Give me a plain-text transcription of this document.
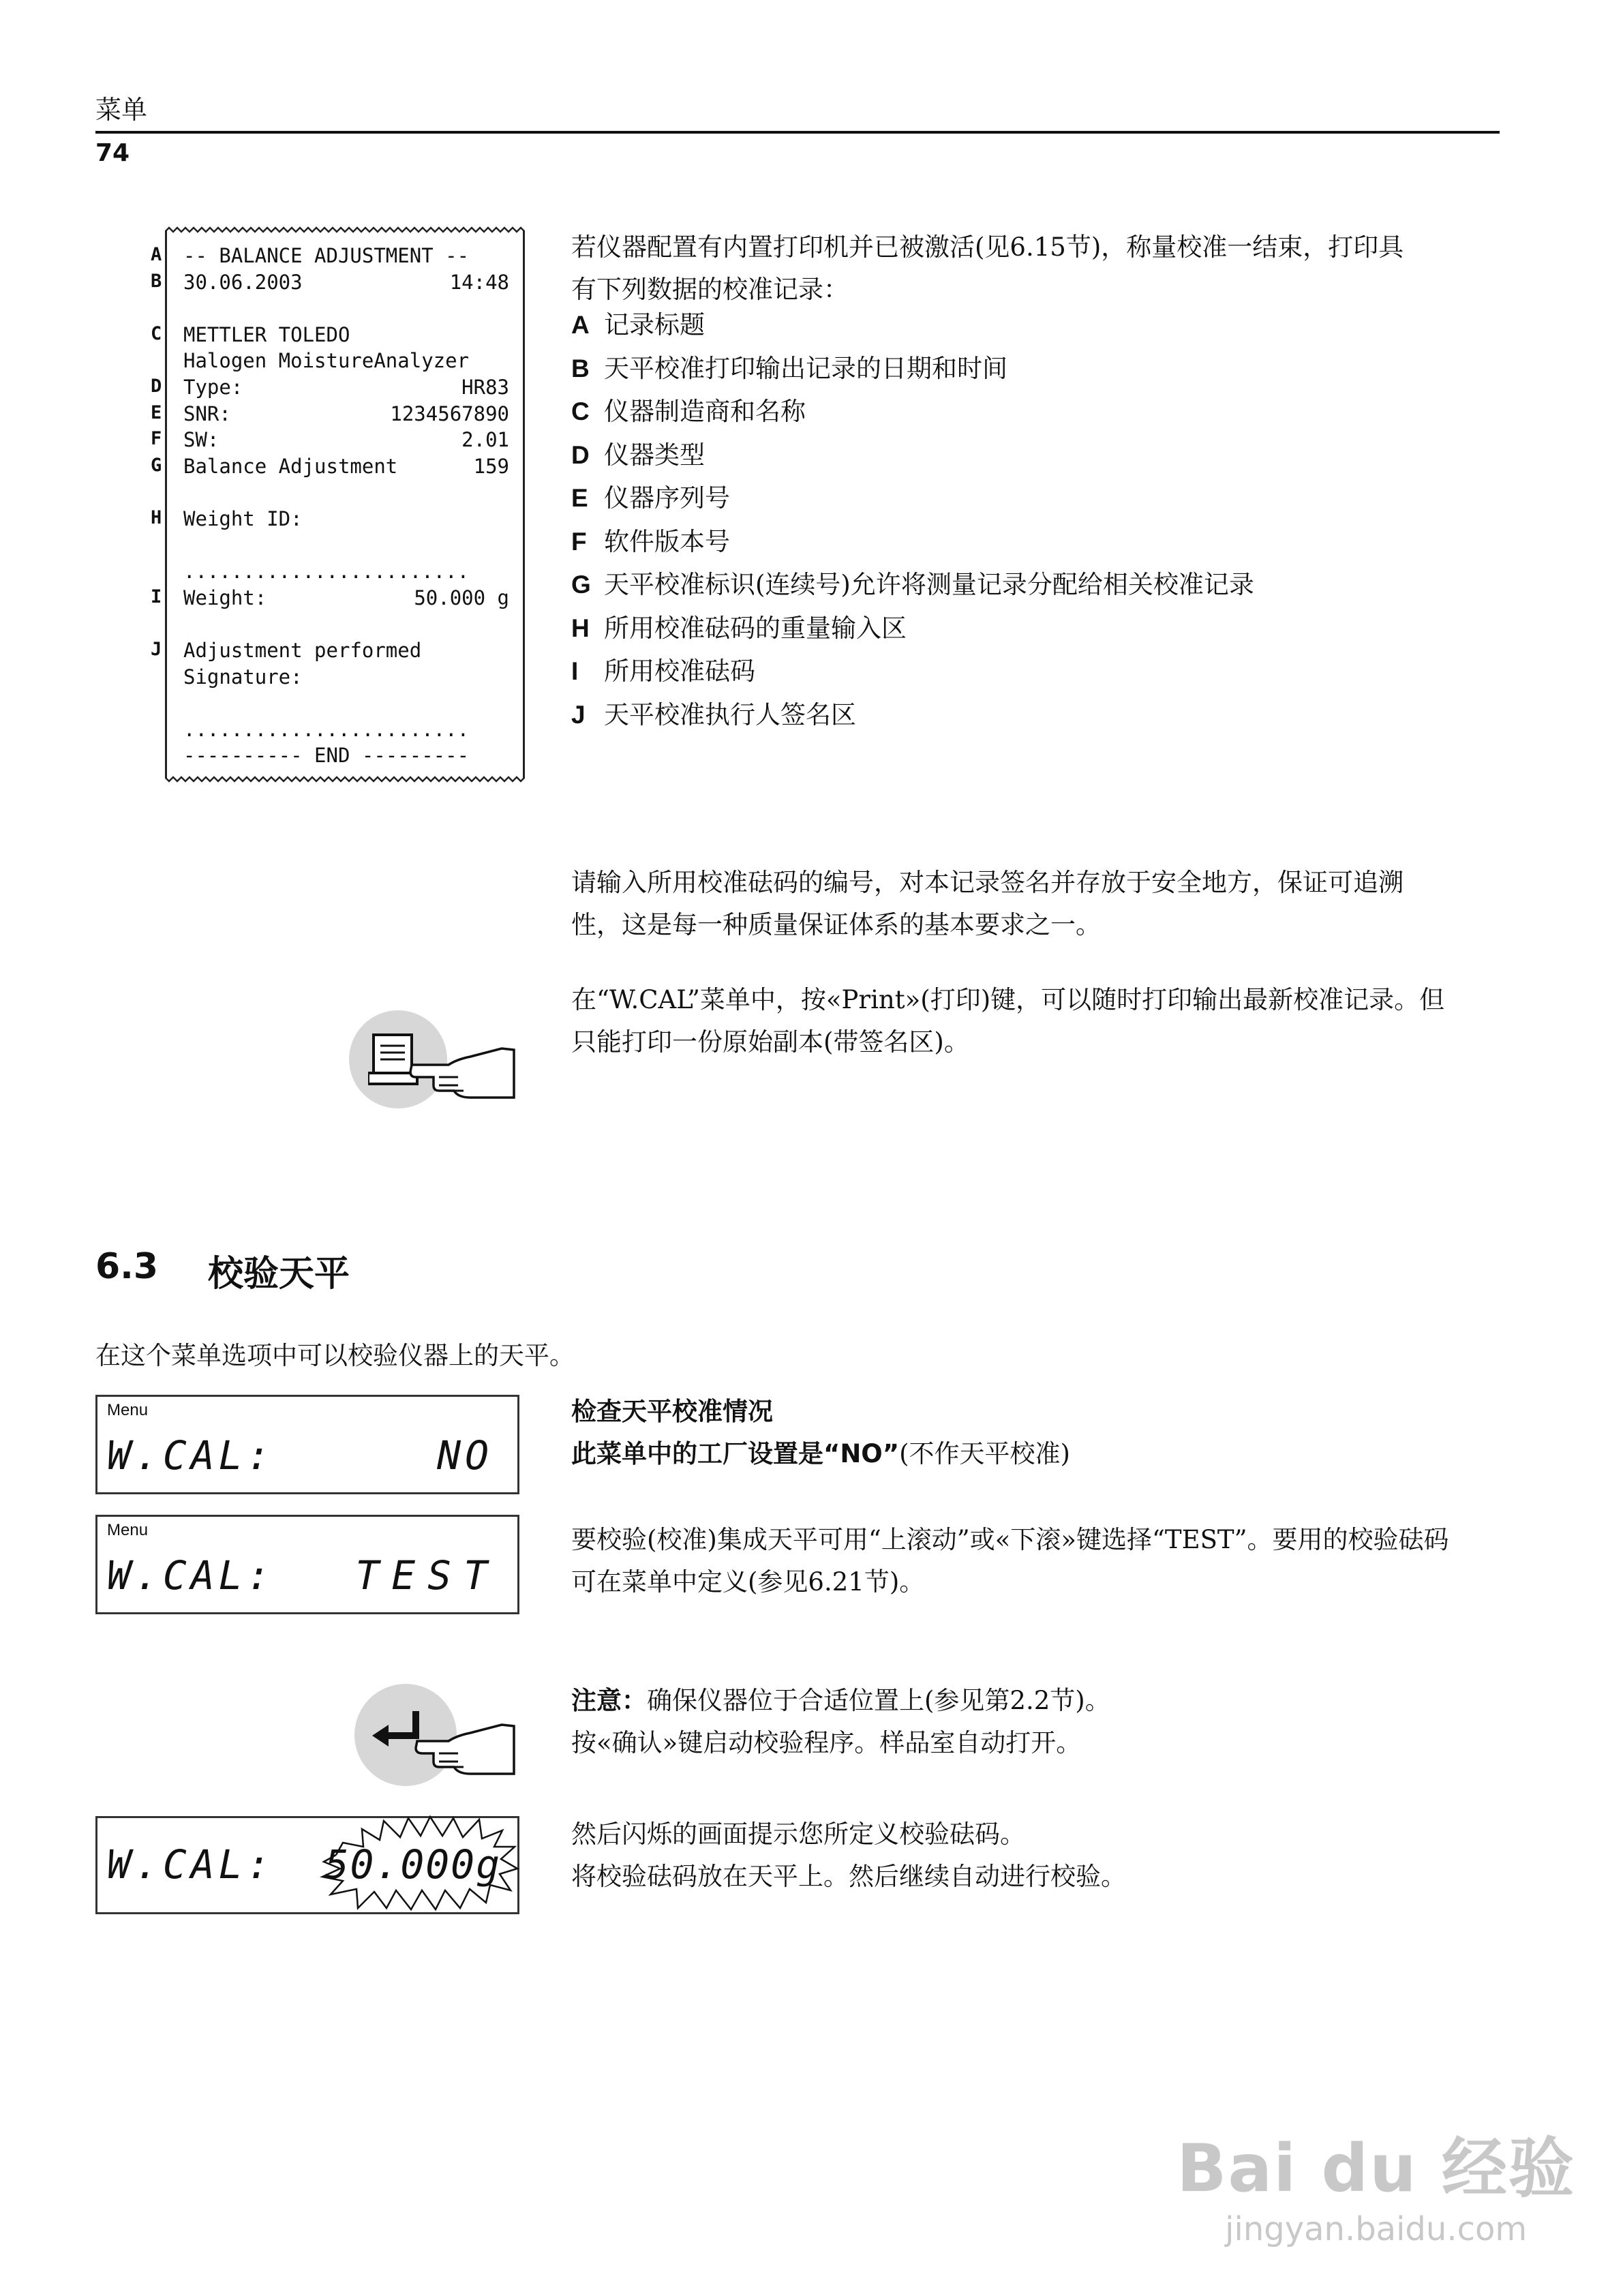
菜单
74
A -- BALANCE ADJUSTMENT --
B 30.06.2003	14:48
C METTLER TOLEDO
Halogen MoistureAnalyzer
D Type:	HR83
E SNR:	1234567890
F SW:	2.01
G Balance Adjustment	159
H Weight ID:
........................
I Weight:	50.000 g
J Adjustment performed
Signature:
........................
---------- END ---------
若仪器配置有内置打印机并已被激活(见6.15节)，称量校准一结束，打印具
有下列数据的校准记录：
A 记录标题
B 天平校准打印输出记录的日期和时间
C 仪器制造商和名称
D 仪器类型
E 仪器序列号
F 软件版本号
G 天平校准标识(连续号)允许将测量记录分配给相关校准记录
H 所用校准砝码的重量输入区
I 所用校准砝码
J 天平校准执行人签名区
请输入所用校准砝码的编号，对本记录签名并存放于安全地方，保证可追溯
性，这是每一种质量保证体系的基本要求之一。
在“W.CAL”菜单中，按«Print»(打印)键，可以随时打印输出最新校准记录。但
只能打印一份原始副本(带签名区)。
6.3 校验天平
在这个菜单选项中可以校验仪器上的天平。
Menu
W.CAL:	NO
检查天平校准情况
此菜单中的工厂设置是“NO”(不作天平校准)
Menu
W.CAL: TEST
要校验(校准)集成天平可用“上滚动”或«下滚»键选择“TEST”。要用的校验砝码
可在菜单中定义(参见6.21节)。
注意：确保仪器位于合适位置上(参见第2.2节)。
按«确认»键启动校验程序。样品室自动打开。
W.CAL: 50.000g
然后闪烁的画面提示您所定义校验砝码。
将校验砝码放在天平上。然后继续自动进行校验。
Bai du 经验
jingyan.baidu.com
